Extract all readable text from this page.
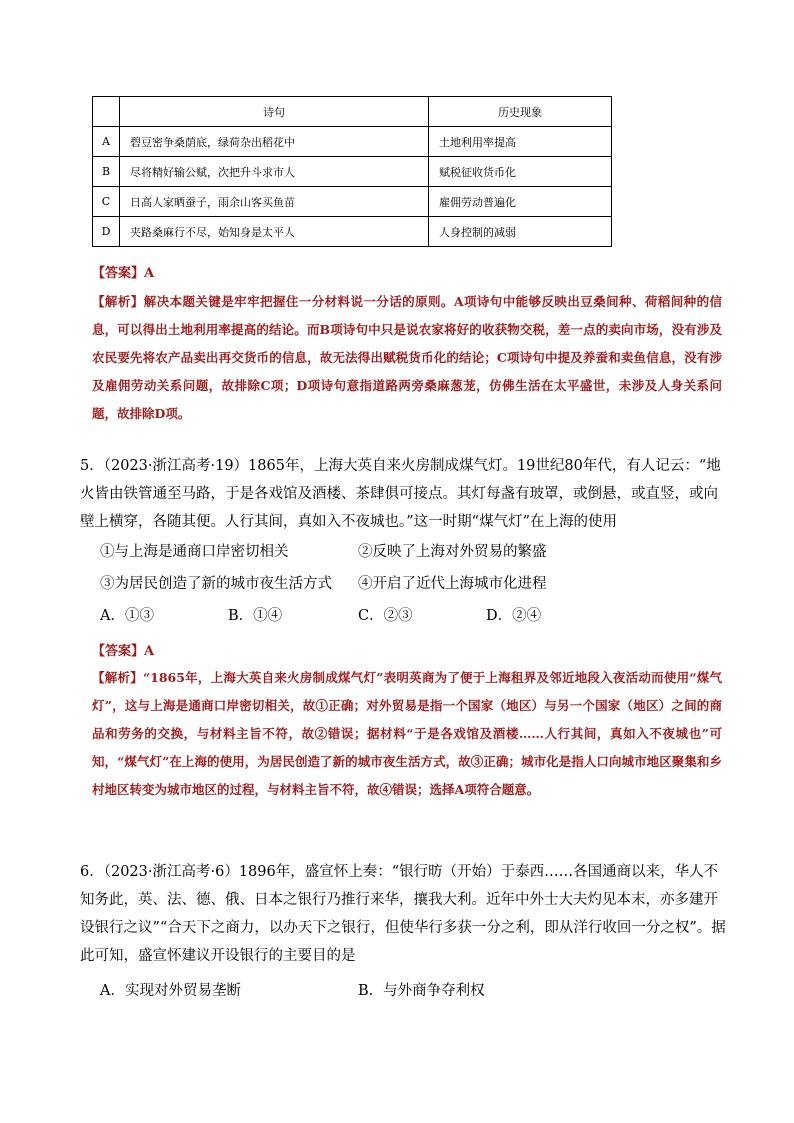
	诗句	历史现象
A	碧豆密争桑荫底，绿荷杂出稻花中	土地利用率提高
B	尽将精好输公赋，次把升斗求市人	赋税征收货币化
C	日高人家晒蚕子，雨余山客买鱼苗	雇佣劳动普遍化
D	夹路桑麻行不尽，始知身是太平人	人身控制的减弱
【答案】A
【解析】解决本题关键是牢牢把握住一分材料说一分话的原则。A项诗句中能够反映出豆桑间种、荷稻间种的信息，可以得出土地利用率提高的结论。而B项诗句中只是说农家将好的收获物交税，差一点的卖向市场，没有涉及农民要先将农产品卖出再交货币的信息，故无法得出赋税货币化的结论；C项诗句中提及养蚕和卖鱼信息，没有涉及雇佣劳动关系问题，故排除C项；D项诗句意指道路两旁桑麻葱茏，仿佛生活在太平盛世，未涉及人身关系问题，故排除D项。
5．（2023·浙江高考·19）1865年，上海大英自来火房制成煤气灯。19世纪80年代，有人记云：“地火皆由铁管通至马路，于是各戏馆及酒楼、茶肆俱可接点。其灯每盏有玻罩，或倒悬，或直竖，或向壁上横穿，各随其便。人行其间，真如入不夜城也。”这一时期“煤气灯”在上海的使用
①与上海是通商口岸密切相关	②反映了上海对外贸易的繁盛
③为居民创造了新的城市夜生活方式 ④开启了近代上海城市化进程
A．①③	B．①④	C．②③	D．②④
【答案】A
【解析】“1865年，上海大英自来火房制成煤气灯”表明英商为了便于上海租界及邻近地段入夜活动而使用“煤气灯”，这与上海是通商口岸密切相关，故①正确；对外贸易是指一个国家（地区）与另一个国家（地区）之间的商品和劳务的交换，与材料主旨不符，故②错误；据材料“于是各戏馆及酒楼……人行其间，真如入不夜城也”可知，“煤气灯”在上海的使用，为居民创造了新的城市夜生活方式，故③正确；城市化是指人口向城市地区聚集和乡村地区转变为城市地区的过程，与材料主旨不符，故④错误；选择A项符合题意。
6．（2023·浙江高考·6）1896年，盛宣怀上奏：“银行昉（开始）于泰西……各国通商以来，华人不知务此，英、法、德、俄、日本之银行乃推行来华，攘我大利。近年中外士大夫灼见本末，亦多建开设银行之议”“合天下之商力，以办天下之银行，但使华行多获一分之利，即从洋行收回一分之权”。据此可知，盛宣怀建议开设银行的主要目的是
A．实现对外贸易垄断	B．与外商争夺利权
